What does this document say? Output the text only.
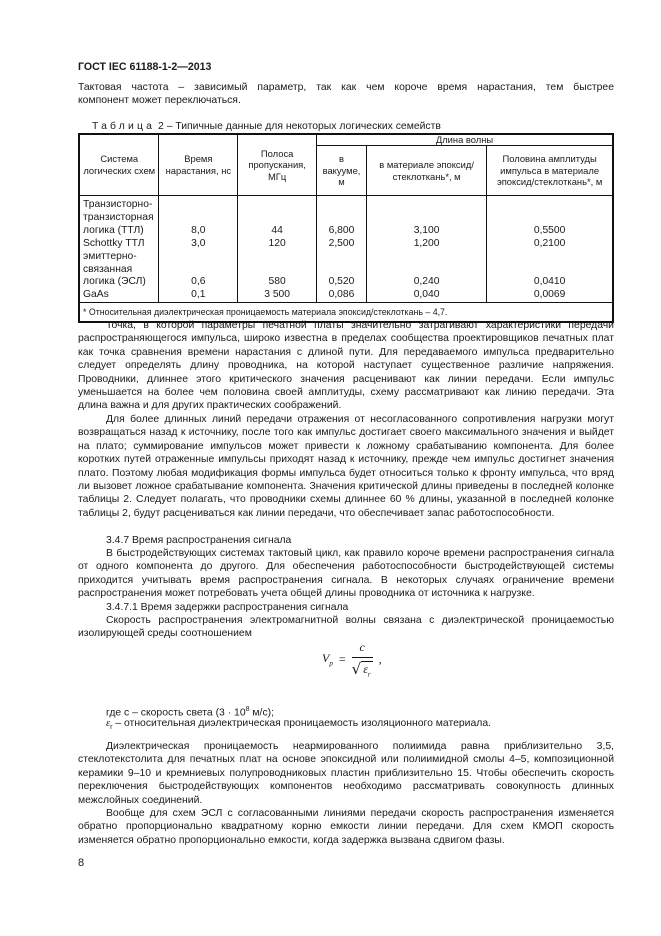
ГОСТ IEC 61188-1-2—2013
Тактовая частота – зависимый параметр, так как чем короче время нарастания, тем быстрее
компонент может переключаться.
Таблица 2 – Типичные данные для некоторых логических семейств
Система логических схем	Время нарастания, нс	Полоса пропускания, МГц	Длина волны		
			в вакууме, м	в материале эпоксид/стеклоткань*, м	Половина амплитуды импульса в материале эпоксид/стеклоткань*, м
Транзисторно-транзисторная логика (ТТЛ)	8,0	44	6,800	3,100	0,5500
Schottky ТТЛ	3,0	120	2,500	1,200	0,2100
эмиттерно-связанная логика (ЭСЛ)	0,6	580	0,520	0,240	0,0410
GaAs	0,1	3 500	0,086	0,040	0,0069
* Относительная диэлектрическая проницаемость материала эпоксид/стеклоткань – 4,7.					
Точка, в которой параметры печатной платы значительно затрагивают характеристики передачи распространяющегося импульса, широко известна в пределах сообщества проектировщиков печатных плат как точка сравнения времени нарастания с длиной пути. Для передаваемого импульса предварительно следует определять длину проводника, на которой наступает существенное различие напряжения. Проводники, длиннее этого критического значения расценивают как линии передачи. Если импульс уменьшается на более чем половина своей амплитуды, схему рассматривают как линию передачи. Эта длина важна и для других практических соображений.
Для более длинных линий передачи отражения от несогласованного сопротивления нагрузки могут возвращаться назад к источнику, после того как импульс достигает своего максимального значения и выйдет на плато; суммирование импульсов может привести к ложному срабатыванию компонента. Для более коротких путей отраженные импульсы приходят назад к источнику, прежде чем импульс достигнет значения плато. Поэтому любая модификация формы импульса будет относиться только к фронту импульса, что вряд ли вызовет ложное срабатывание компонента. Значения критической длины приведены в последней колонке таблицы 2. Следует полагать, что проводники схемы длиннее 60 % длины, указанной в последней колонке таблицы 2, будут расцениваться как линии передачи, что обеспечивает запас работоспособности.
3.4.7 Время распространения сигнала
В быстродействующих системах тактовый цикл, как правило короче времени распространения сигнала от одного компонента до другого. Для обеспечения работоспособности быстродействующей системы приходится учитывать время распространения сигнала. В некоторых случаях ограничение времени распространения может потребовать учета общей длины проводника от источника к нагрузке.
3.4.7.1 Время задержки распространения сигнала
Скорость распространения электромагнитной волны связана с диэлектрической проницаемостью изолирующей среды соотношением
$V_p = \frac{c}{√ \varepsilon_r}$ ,
где c – скорость света ($3 \cdot 10^8$ м/с);
$\varepsilon_r$ – относительная диэлектрическая проницаемость изоляционного материала.
Диэлектрическая проницаемость неармированного полиимида равна приблизительно 3,5, стеклотекстолита для печатных плат на основе эпоксидной или полиимидной смолы 4–5, композиционной керамики 9–10 и кремниевых полупроводниковых пластин приблизительно 15. Чтобы обеспечить скорость переключения быстродействующих компонентов необходимо рассматривать совокупность длинных межслойных соединений.
Вообще для схем ЭСЛ с согласованными линиями передачи скорость распространения изменяется обратно пропорционально квадратному корню емкости линии передачи. Для схем КМОП скорость изменяется обратно пропорционально емкости, когда задержка вызвана сдвигом фазы.
8
